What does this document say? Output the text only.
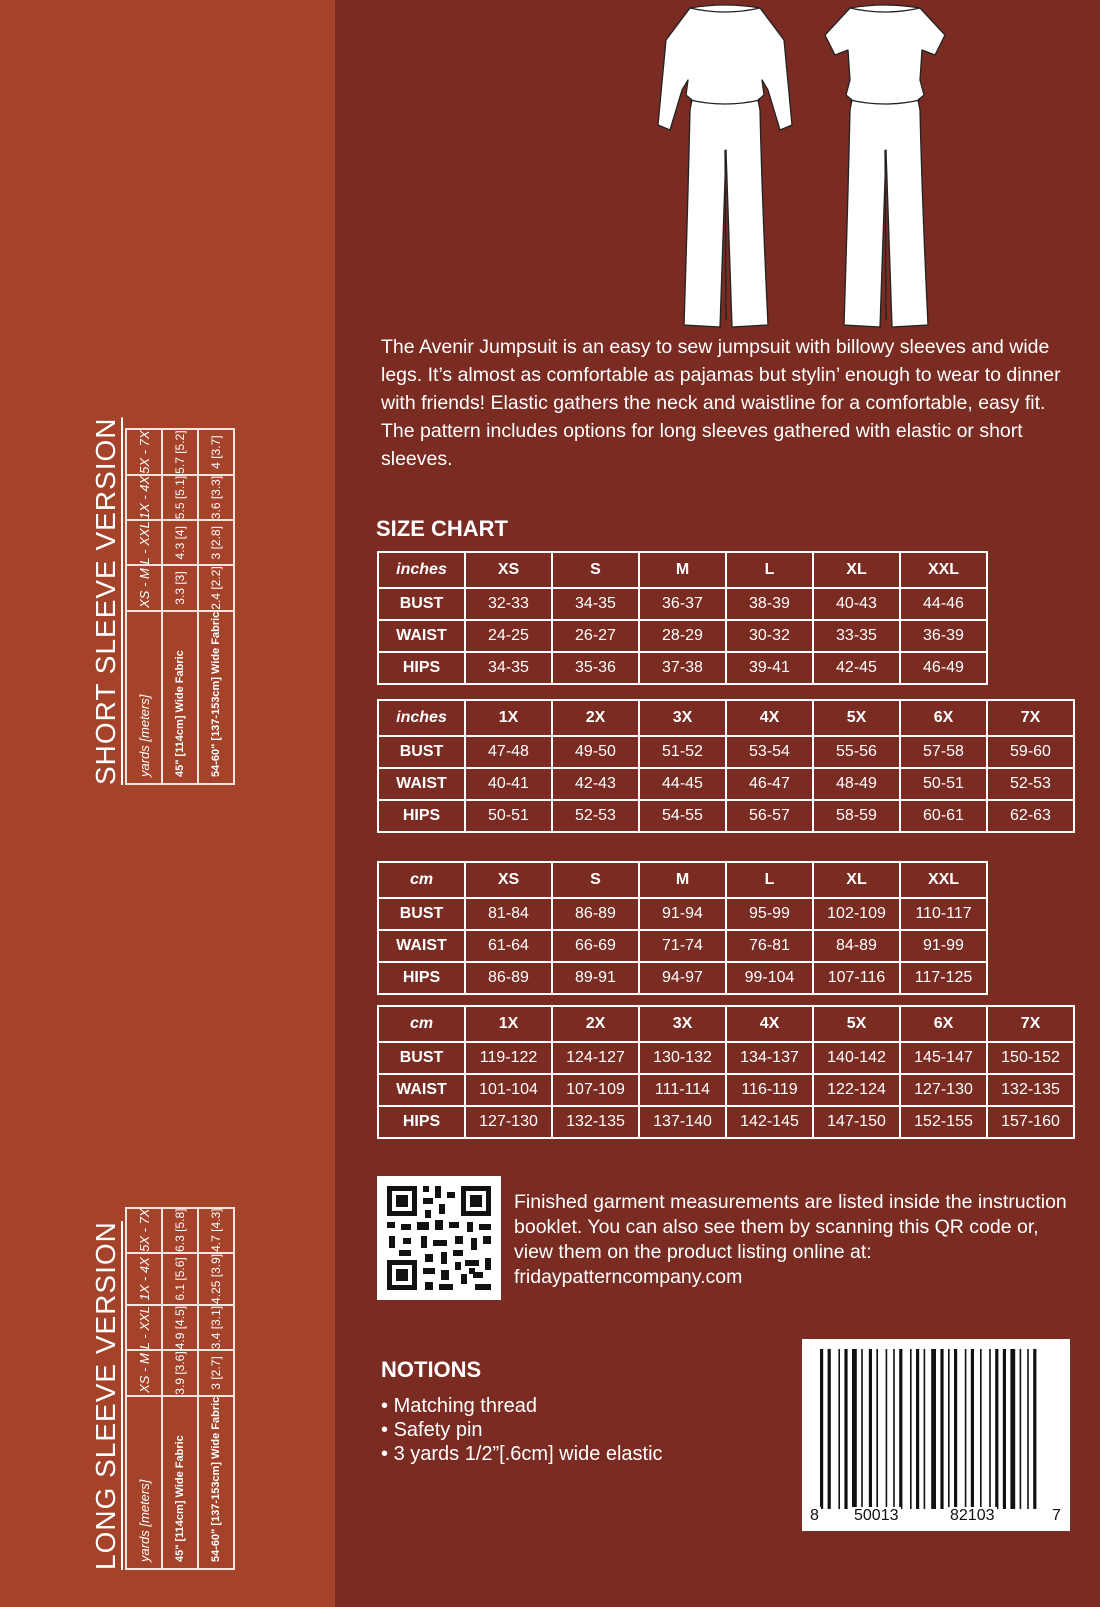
SHORT SLEEVE VERSION yards [meters]	XS - M	L - XXL	1X - 4X	5X - 7X
45" [114cm] Wide Fabric	3.3 [3]	4.3 [4]	5.5 [5.1]	5.7 [5.2]
54-60" [137-153cm] Wide Fabric	2.4 [2.2]	3 [2.8]	3.6 [3.3]	4 [3.7]
LONG SLEEVE VERSION yards [meters]	XS - M	L - XXL	1X - 4X	5X - 7X
45" [114cm] Wide Fabric	3.9 [3.6]	4.9 [4.5]	6.1 [5.6]	6.3 [5.8]
54-60" [137-153cm] Wide Fabric	3 [2.7]	3.4 [3.1]	4.25 [3.9]	4.7 [4.3]

The Avenir Jumpsuit is an easy to sew jumpsuit with billowy sleeves and wide legs. It’s almost as comfortable as pajamas but stylin’ enough to wear to dinner with friends! Elastic gathers the neck and waistline for a comfortable, easy fit. The pattern includes options for long sleeves gathered with elastic or short sleeves.

SIZE CHART
inches	XS	S	M	L	XL	XXL
BUST	32-33	34-35	36-37	38-39	40-43	44-46
WAIST	24-25	26-27	28-29	30-32	33-35	36-39
HIPS	34-35	35-36	37-38	39-41	42-45	46-49
inches	1X	2X	3X	4X	5X	6X	7X
BUST	47-48	49-50	51-52	53-54	55-56	57-58	59-60
WAIST	40-41	42-43	44-45	46-47	48-49	50-51	52-53
HIPS	50-51	52-53	54-55	56-57	58-59	60-61	62-63
cm	XS	S	M	L	XL	XXL
BUST	81-84	86-89	91-94	95-99	102-109	110-117
WAIST	61-64	66-69	71-74	76-81	84-89	91-99
HIPS	86-89	89-91	94-97	99-104	107-116	117-125
cm	1X	2X	3X	4X	5X	6X	7X
BUST	119-122	124-127	130-132	134-137	140-142	145-147	150-152
WAIST	101-104	107-109	111-114	116-119	122-124	127-130	132-135
HIPS	127-130	132-135	137-140	142-145	147-150	152-155	157-160
Finished garment measurements are listed inside the instruction booklet. You can also see them by scanning this QR code or, view them on the product listing online at: fridaypatterncompany.com
NOTIONS
• Matching thread
• Safety pin
• 3 yards 1/2”[.6cm] wide elastic
8 50013	82103	7
